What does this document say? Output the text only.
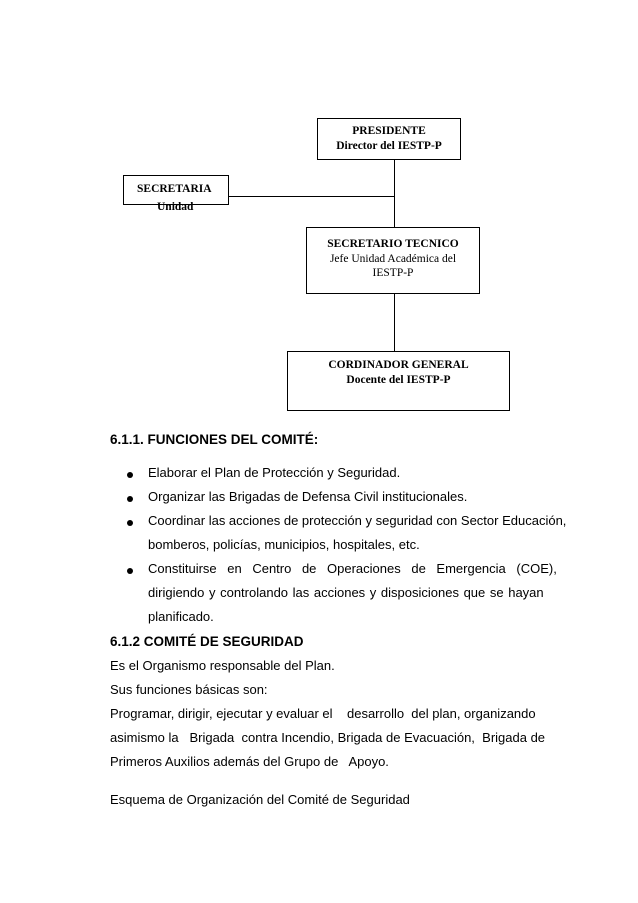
PRESIDENTE
Director del IESTP-P
SECRETARIA
Unidad
SECRETARIO TECNICO
Jefe Unidad Académica del
IESTP-P
CORDINADOR GENERAL
Docente del IESTP-P
6.1.1. FUNCIONES DEL COMITÉ:
Elaborar el Plan de Protección y Seguridad.
Organizar las Brigadas de Defensa Civil institucionales.
Coordinar las acciones de protección y seguridad con Sector Educación,
bomberos, policías, municipios, hospitales, etc.
Constituirse en Centro de Operaciones de Emergencia (COE),
dirigiendo y controlando las acciones y disposiciones que se hayan
planificado.
6.1.2 COMITÉ DE SEGURIDAD
Es el Organismo responsable del Plan.
Sus funciones básicas son:
Programar, dirigir, ejecutar y evaluar el    desarrollo  del plan, organizando
asimismo la   Brigada  contra Incendio, Brigada de Evacuación,  Brigada de
Primeros Auxilios además del Grupo de   Apoyo.
Esquema de Organización del Comité de Seguridad
